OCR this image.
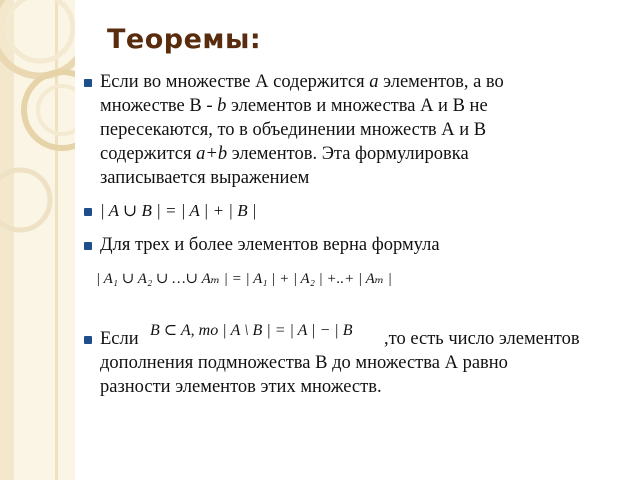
Теоремы:
Если во множестве А содержится a элементов, а во
множестве В - b элементов и множества А и В не
пересекаются, то в объединении множеств А и В
содержится a+b элементов. Эта формулировка
записывается выражением
| A ∪ B | = | A | + | B |
Для трех и более элементов верна формула
| A₁ ∪ A₂ ∪ …∪ Aₘ | = | A₁ | + | A₂ | +..+ | Aₘ |
Если B ⊂ A, то | A \ B | = | A | − | B ,то есть число элементов
дополнения подмножества В до множества А равно
разности элементов этих множеств.
